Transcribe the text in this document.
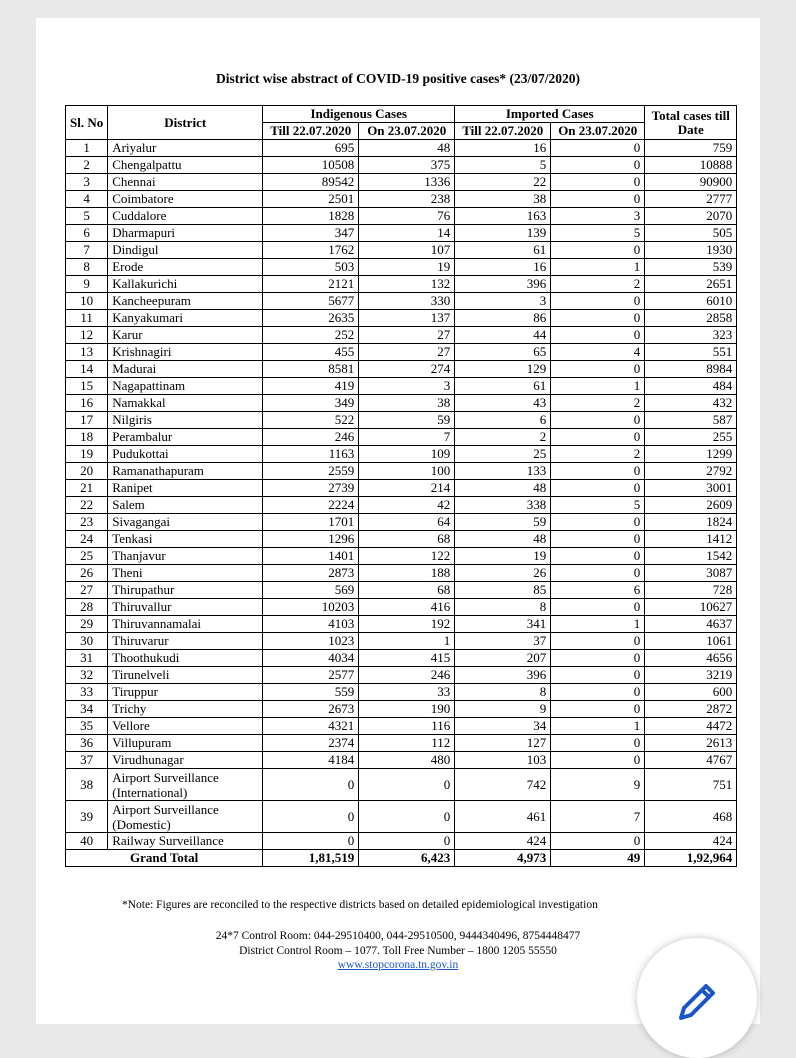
District wise abstract of COVID-19 positive cases* (23/07/2020)
Sl. No	District	Indigenous Cases		Imported Cases		Total cases till Date
		Till 22.07.2020	On 23.07.2020	Till 22.07.2020	On 23.07.2020	
1	Ariyalur	695	48	16	0	759
2	Chengalpattu	10508	375	5	0	10888
3	Chennai	89542	1336	22	0	90900
4	Coimbatore	2501	238	38	0	2777
5	Cuddalore	1828	76	163	3	2070
6	Dharmapuri	347	14	139	5	505
7	Dindigul	1762	107	61	0	1930
8	Erode	503	19	16	1	539
9	Kallakurichi	2121	132	396	2	2651
10	Kancheepuram	5677	330	3	0	6010
11	Kanyakumari	2635	137	86	0	2858
12	Karur	252	27	44	0	323
13	Krishnagiri	455	27	65	4	551
14	Madurai	8581	274	129	0	8984
15	Nagapattinam	419	3	61	1	484
16	Namakkal	349	38	43	2	432
17	Nilgiris	522	59	6	0	587
18	Perambalur	246	7	2	0	255
19	Pudukottai	1163	109	25	2	1299
20	Ramanathapuram	2559	100	133	0	2792
21	Ranipet	2739	214	48	0	3001
22	Salem	2224	42	338	5	2609
23	Sivagangai	1701	64	59	0	1824
24	Tenkasi	1296	68	48	0	1412
25	Thanjavur	1401	122	19	0	1542
26	Theni	2873	188	26	0	3087
27	Thirupathur	569	68	85	6	728
28	Thiruvallur	10203	416	8	0	10627
29	Thiruvannamalai	4103	192	341	1	4637
30	Thiruvarur	1023	1	37	0	1061
31	Thoothukudi	4034	415	207	0	4656
32	Tirunelveli	2577	246	396	0	3219
33	Tiruppur	559	33	8	0	600
34	Trichy	2673	190	9	0	2872
35	Vellore	4321	116	34	1	4472
36	Villupuram	2374	112	127	0	2613
37	Virudhunagar	4184	480	103	0	4767
38	Airport Surveillance (International)	0	0	742	9	751
39	Airport Surveillance (Domestic)	0	0	461	7	468
40	Railway Surveillance	0	0	424	0	424
Grand Total		1,81,519	6,423	4,973	49	1,92,964
*Note: Figures are reconciled to the respective districts based on detailed epidemiological investigation
24*7 Control Room: 044-29510400, 044-29510500, 9444340496, 8754448477
District Control Room – 1077. Toll Free Number – 1800 1205 55550
www.stopcorona.tn.gov.in
